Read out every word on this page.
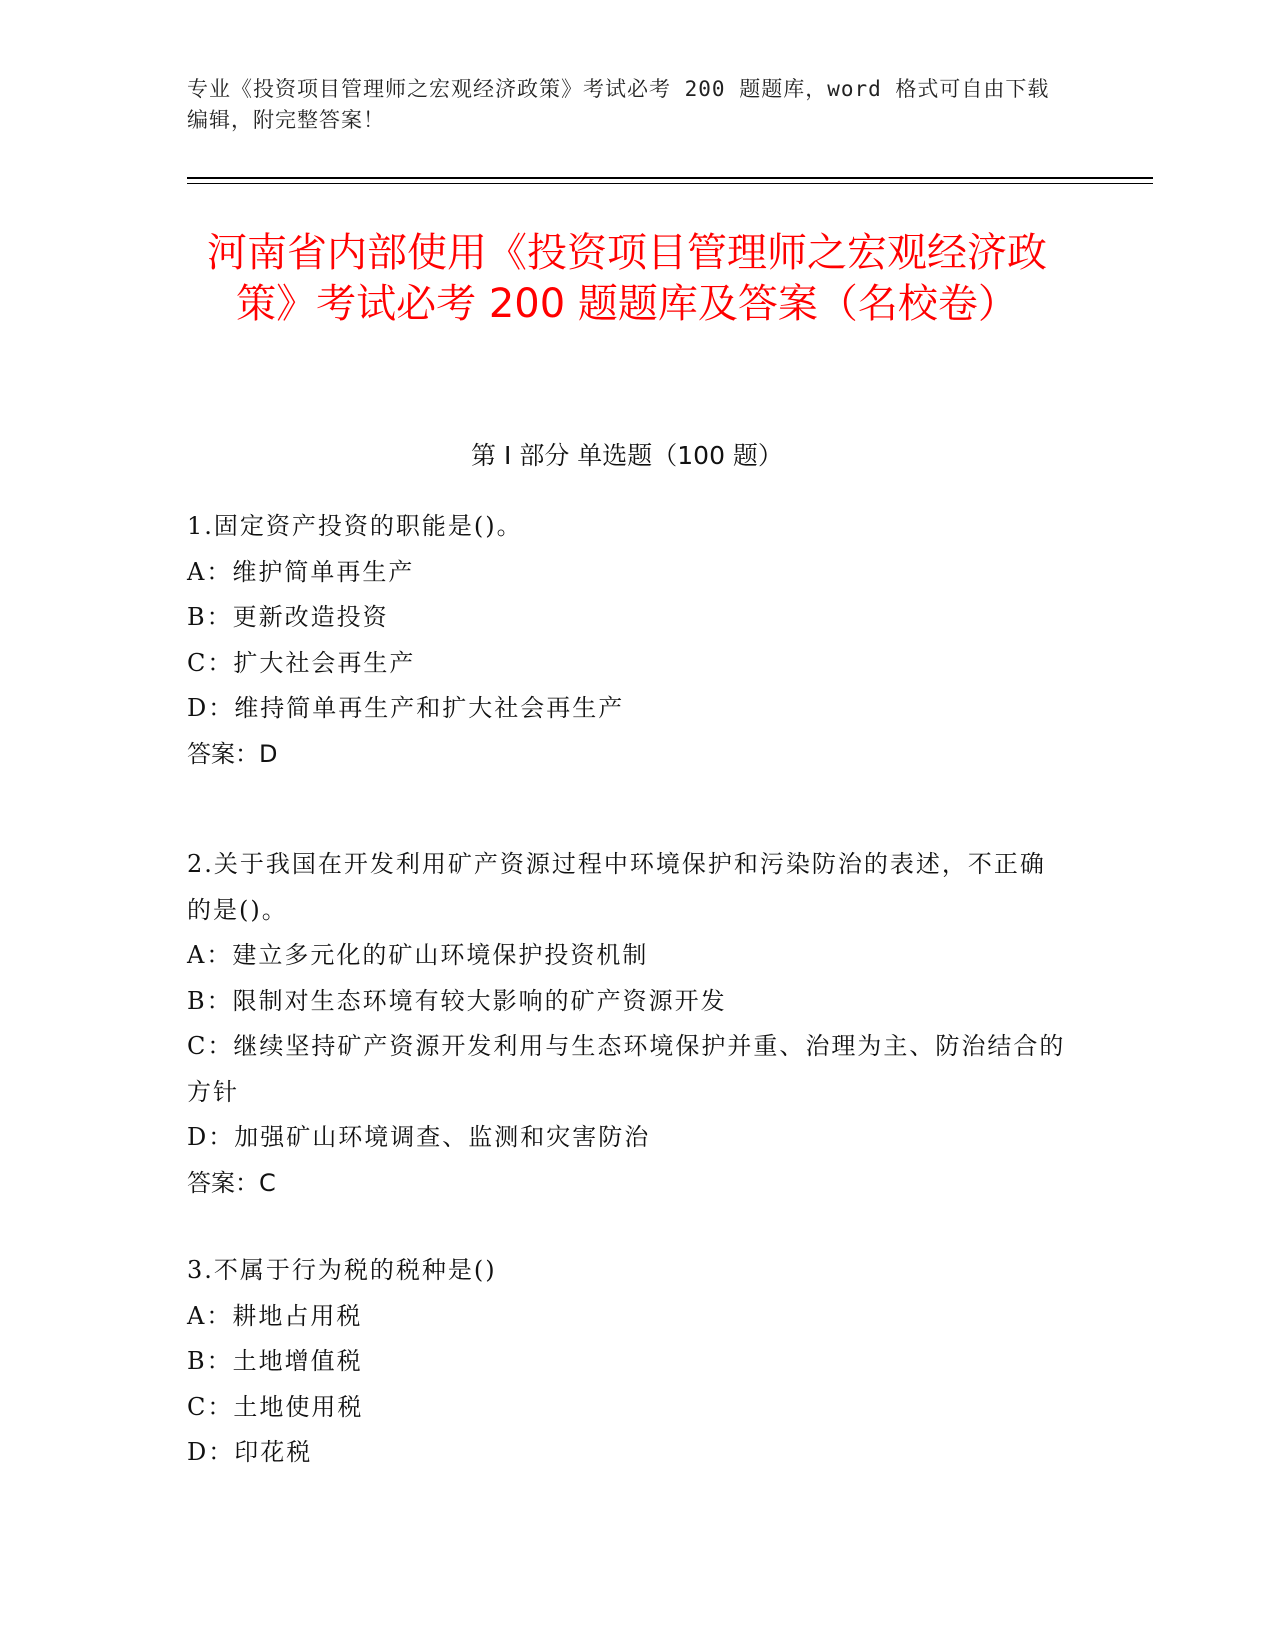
专业《投资项目管理师之宏观经济政策》考试必考 200 题题库，word 格式可自由下载编辑，附完整答案！
河南省内部使用《投资项目管理师之宏观经济政策》考试必考 200 题题库及答案（名校卷）
第 I 部分 单选题（100 题）
1.固定资产投资的职能是()。
A：维护简单再生产
B：更新改造投资
C：扩大社会再生产
D：维持简单再生产和扩大社会再生产
答案：D
2.关于我国在开发利用矿产资源过程中环境保护和污染防治的表述，不正确的是()。
A：建立多元化的矿山环境保护投资机制
B：限制对生态环境有较大影响的矿产资源开发
C：继续坚持矿产资源开发利用与生态环境保护并重、治理为主、防治结合的方针
D：加强矿山环境调查、监测和灾害防治
答案：C
3.不属于行为税的税种是()
A：耕地占用税
B：土地增值税
C：土地使用税
D：印花税
